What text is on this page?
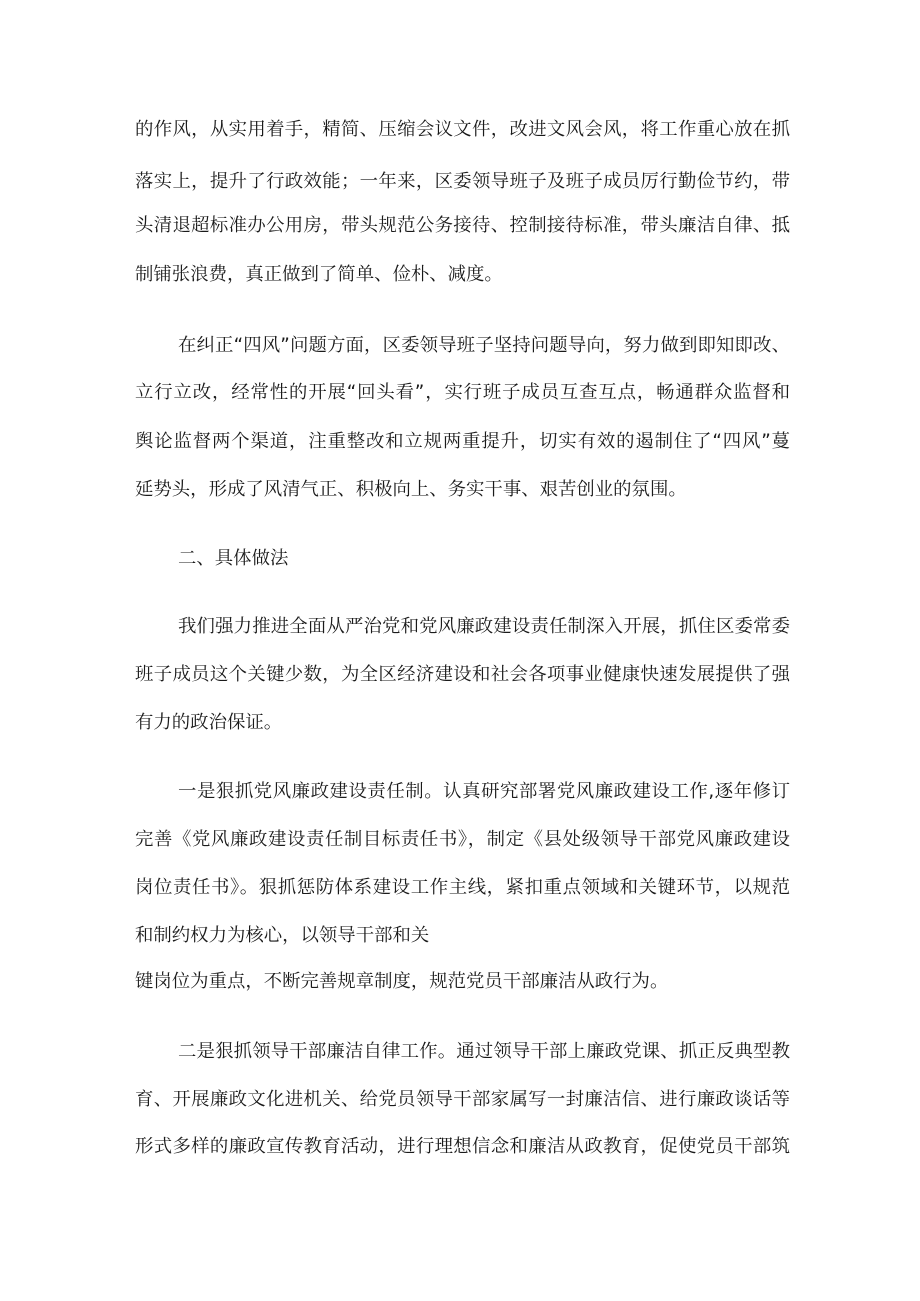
的作风，从实用着手，精简、压缩会议文件，改进文风会风，将工作重心放在抓
落实上，提升了行政效能；一年来，区委领导班子及班子成员厉行勤俭节约，带
头清退超标准办公用房，带头规范公务接待、控制接待标准，带头廉洁自律、抵
制铺张浪费，真正做到了简单、俭朴、减度。
在纠正“四风”问题方面，区委领导班子坚持问题导向，努力做到即知即改、
立行立改，经常性的开展“回头看”，实行班子成员互查互点，畅通群众监督和
舆论监督两个渠道，注重整改和立规两重提升，切实有效的遏制住了“四风”蔓
延势头，形成了风清气正、积极向上、务实干事、艰苦创业的氛围。
二、具体做法
我们强力推进全面从严治党和党风廉政建设责任制深入开展，抓住区委常委
班子成员这个关键少数，为全区经济建设和社会各项事业健康快速发展提供了强
有力的政治保证。
一是狠抓党风廉政建设责任制。认真研究部署党风廉政建设工作,逐年修订
完善《党风廉政建设责任制目标责任书》，制定《县处级领导干部党风廉政建设
岗位责任书》。狠抓惩防体系建设工作主线，紧扣重点领域和关键环节，以规范
和制约权力为核心，以领导干部和关
键岗位为重点，不断完善规章制度，规范党员干部廉洁从政行为。
二是狠抓领导干部廉洁自律工作。通过领导干部上廉政党课、抓正反典型教
育、开展廉政文化进机关、给党员领导干部家属写一封廉洁信、进行廉政谈话等
形式多样的廉政宣传教育活动，进行理想信念和廉洁从政教育，促使党员干部筑
